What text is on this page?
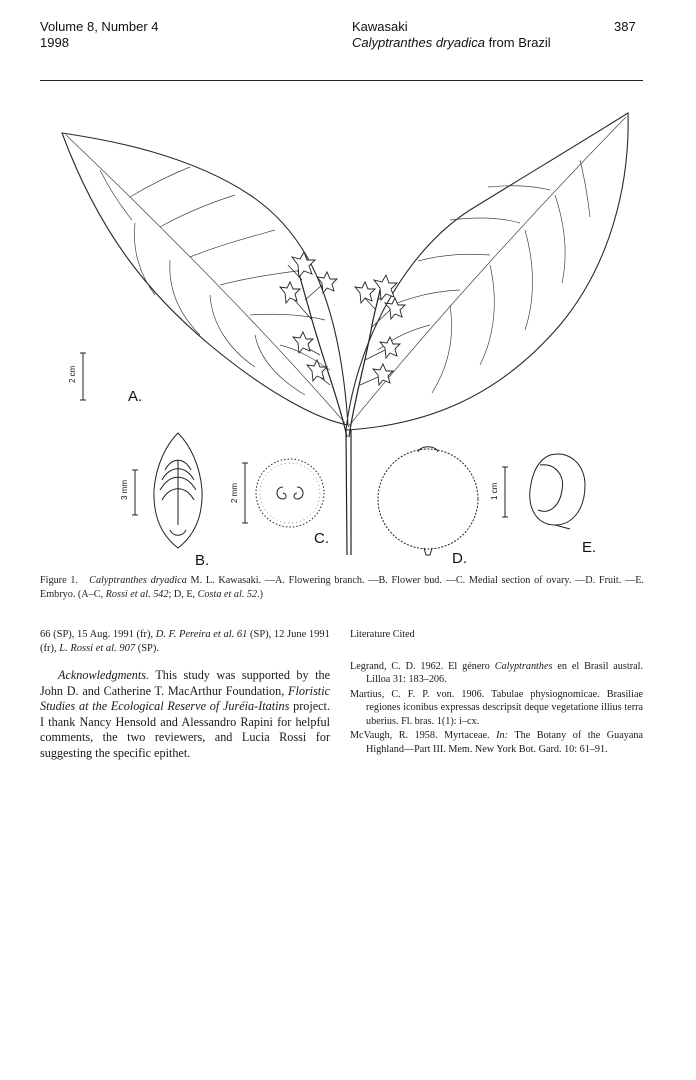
Volume 8, Number 4
1998
Kawasaki
Calyptranthes dryadica from Brazil
387
2 cm
A.
3 mm
B.
2 mm
C.
D.
1 cm
E.
Figure 1. Calyptranthes dryadica M. L. Kawasaki. —A. Flowering branch. —B. Flower bud. —C. Medial section of ovary. —D. Fruit. —E. Embryo. (A–C, Rossi et al. 542; D, E, Costa et al. 52.)
66 (SP), 15 Aug. 1991 (fr), D. F. Pereira et al. 61 (SP), 12 June 1991 (fr), L. Rossi et al. 907 (SP).
Acknowledgments. This study was supported by the John D. and Catherine T. MacArthur Foundation, Floristic Studies at the Ecological Reserve of Juréia-Itatins project. I thank Nancy Hensold and Alessandro Rapini for helpful comments, the two reviewers, and Lucia Rossi for suggesting the specific epithet.
Literature Cited
Legrand, C. D. 1962. El género Calyptranthes en el Brasil austral. Lilloa 31: 183–206.
Martius, C. F. P. von. 1906. Tabulae physiognomicae. Brasiliae regiones iconibus expressas descripsit deque vegetatione illius terra uberius. Fl. bras. 1(1): i–cx.
McVaugh, R. 1958. Myrtaceae. In: The Botany of the Guayana Highland—Part III. Mem. New York Bot. Gard. 10: 61–91.
